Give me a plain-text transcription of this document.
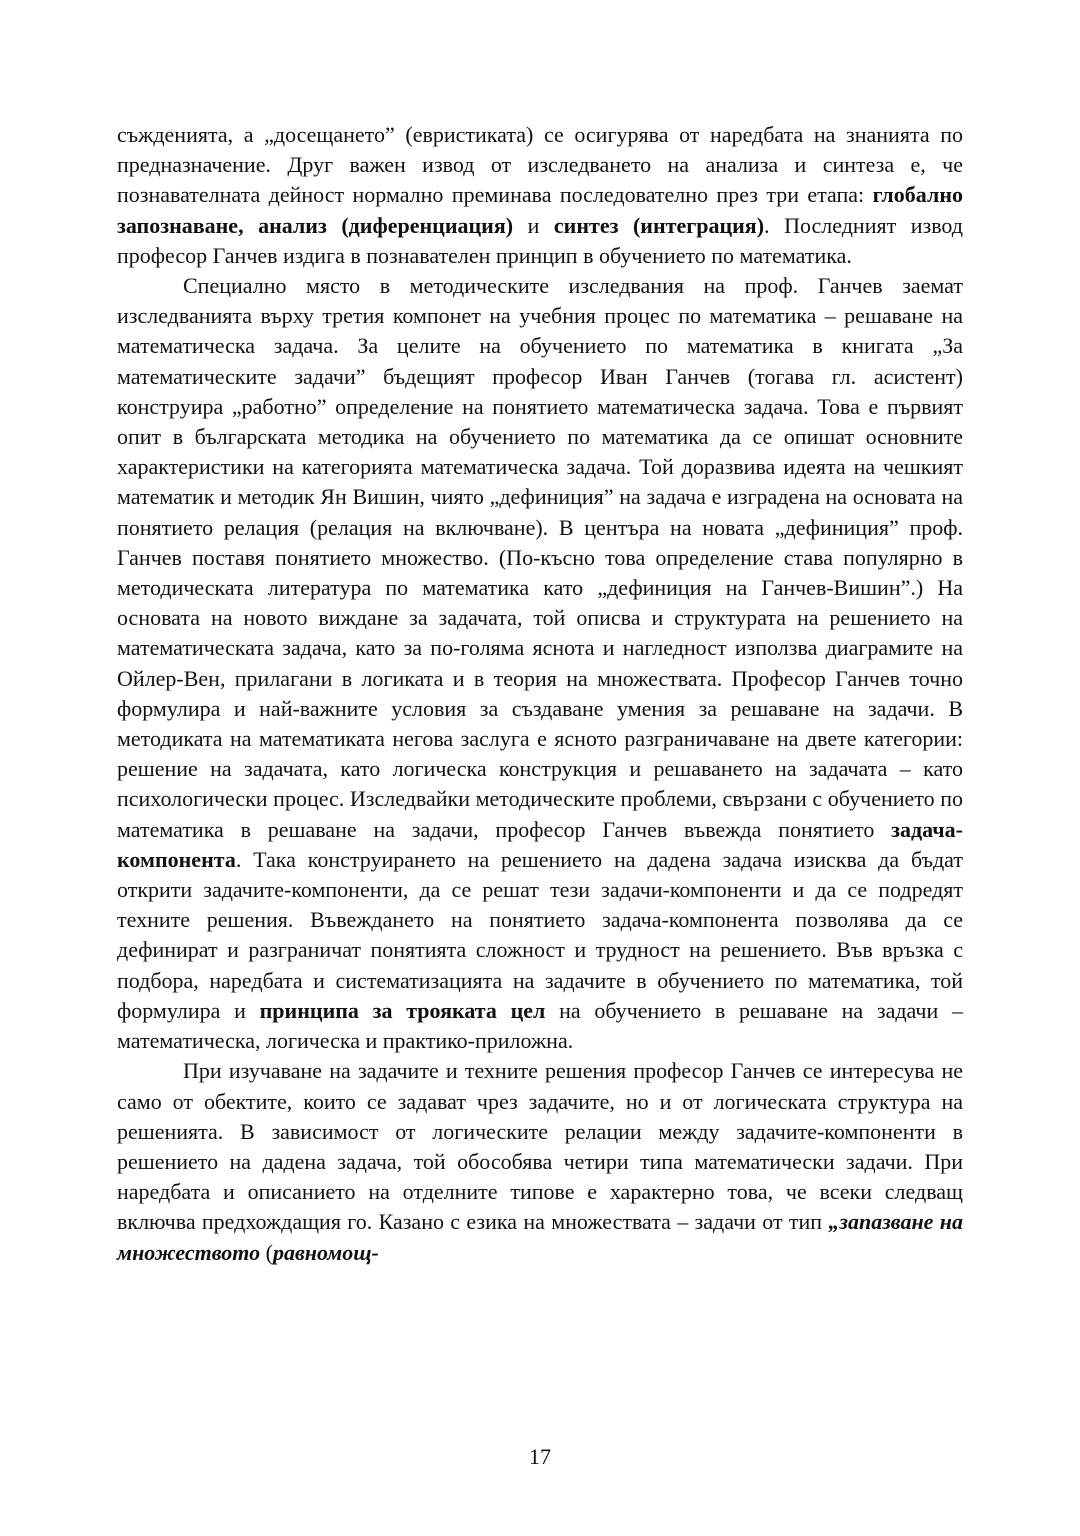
съжденията, а „досещането” (евристиката) се осигурява от наредбата на знанията по предназначение. Друг важен извод от изследването на анализа и синтеза е, че познавателната дейност нормално преминава последователно през три етапа: глобално запознаване, анализ (диференциация) и синтез (интеграция). Последният извод професор Ганчев издига в познавателен принцип в обучението по математика.

Специално място в методическите изследвания на проф. Ганчев заемат изследванията върху третия компонет на учебния процес по математика – решаване на математическа задача. За целите на обучението по математика в книгата „За математическите задачи” бъдещият професор Иван Ганчев (тогава гл. асистент) конструира „работно” определение на понятието математическа задача. Това е първият опит в българската методика на обучението по математика да се опишат основните характеристики на категорията математическа задача. Той доразвива идеята на чешкият математик и методик Ян Вишин, чиято „дефиниция” на задача е изградена на основата на понятието релация (релация на включване). В центъра на новата „дефиниция” проф. Ганчев поставя понятието множество. (По-късно това определение става популярно в методическата литература по математика като „дефиниция на Ганчев-Вишин”.) На основата на новото виждане за задачата, той описва и структурата на решението на математическата задача, като за по-голяма яснота и нагледност използва диаграмите на Ойлер-Вен, прилагани в логиката и в теория на множествата. Професор Ганчев точно формулира и най-важните условия за създаване умения за решаване на задачи. В методиката на математиката негова заслуга е ясното разграничаване на двете категории: решение на задачата, като логическа конструкция и решаването на задачата – като психологически процес. Изследвайки методическите проблеми, свързани с обучението по математика в решаване на задачи, професор Ганчев въвежда понятието задача-компонента. Така конструирането на решението на дадена задача изисква да бъдат открити задачите-компоненти, да се решат тези задачи-компоненти и да се подредят техните решения. Въвеждането на понятието задача-компонента позволява да се дефинират и разграничат понятията сложност и трудност на решението. Във връзка с подбора, наредбата и систематизацията на задачите в обучението по математика, той формулира и принципа за трояката цел на обучението в решаване на задачи – математическа, логическа и практико-приложна.

При изучаване на задачите и техните решения професор Ганчев се интересува не само от обектите, които се задават чрез задачите, но и от логическата структура на решенията. В зависимост от логическите релации между задачите-компоненти в решението на дадена задача, той обособява четири типа математически задачи. При наредбата и описанието на отделните типове е характерно това, че всеки следващ включва предхождащия го. Казано с езика на множествата – задачи от тип „запазване на множеството (равномощ-

17
